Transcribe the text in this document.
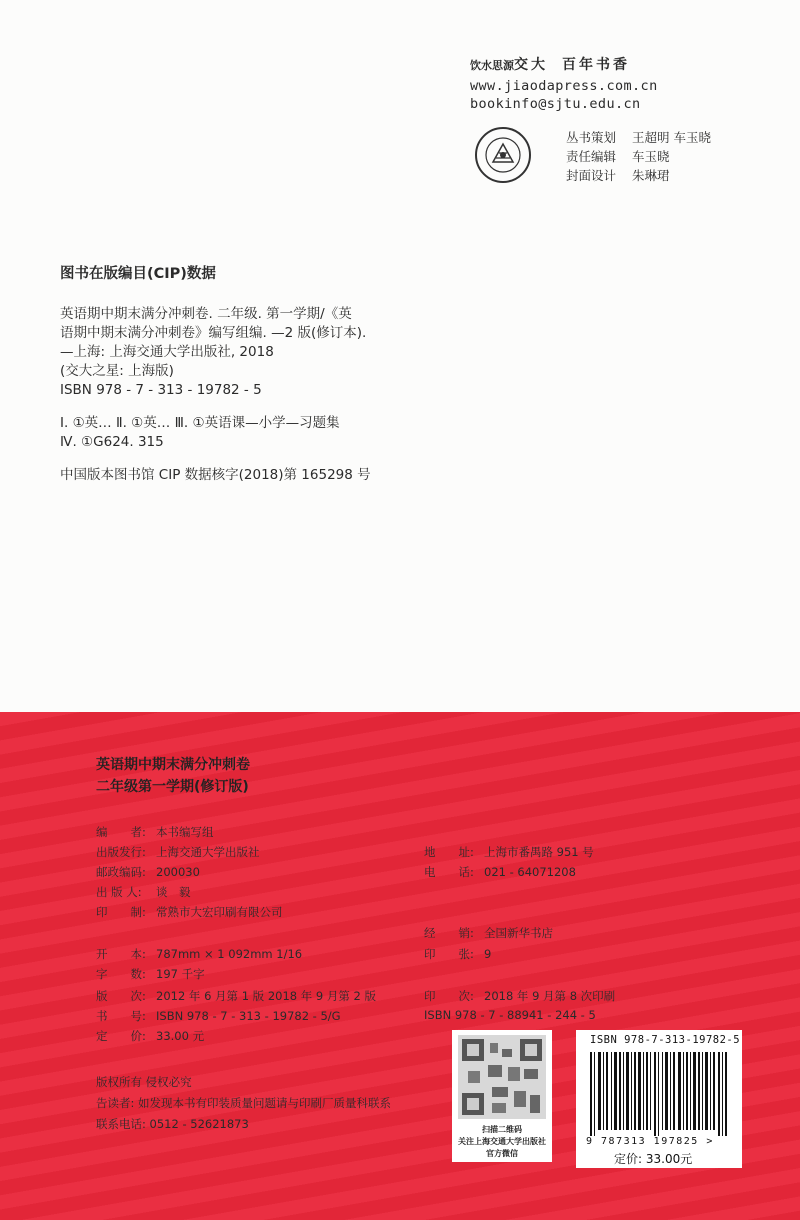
饮水思源交大 百年书香
www.jiaodapress.com.cn
bookinfo@sjtu.edu.cn
丛书策划 王超明 车玉晓
责任编辑 车玉晓
封面设计 朱琳珺
图书在版编目(CIP)数据
英语期中期末满分冲刺卷. 二年级. 第一学期/《英
语期中期末满分冲刺卷》编写组编. —2 版(修订本).
—上海: 上海交通大学出版社, 2018
(交大之星: 上海版)
ISBN 978 - 7 - 313 - 19782 - 5
Ⅰ. ①英… Ⅱ. ①英… Ⅲ. ①英语课—小学—习题集
Ⅳ. ①G624. 315
中国版本图书馆 CIP 数据核字(2018)第 165298 号
英语期中期末满分冲刺卷
二年级第一学期(修订版)
编　　者: 本书编写组
出版发行: 上海交通大学出版社
邮政编码: 200030
出 版 人: 谈　毅
印　　制: 常熟市大宏印刷有限公司
地　　址: 上海市番禺路 951 号
电　　话: 021 - 64071208
开　　本: 787mm × 1 092mm 1/16
字　　数: 197 千字
版　　次: 2012 年 6 月第 1 版 2018 年 9 月第 2 版
书　　号: ISBN 978 - 7 - 313 - 19782 - 5/G
定　　价: 33.00 元
经　　销: 全国新华书店
印　　张: 9
印　　次: 2018 年 9 月第 8 次印刷
ISBN 978 - 7 - 88941 - 244 - 5
版权所有 侵权必究
告读者: 如发现本书有印装质量问题请与印刷厂质量科联系
联系电话: 0512 - 52621873	扫描二维码
关注上海交通大学出版社
官方微信
ISBN 978-7-313-19782-5
9 787313 197825 >
定价: 33.00元
